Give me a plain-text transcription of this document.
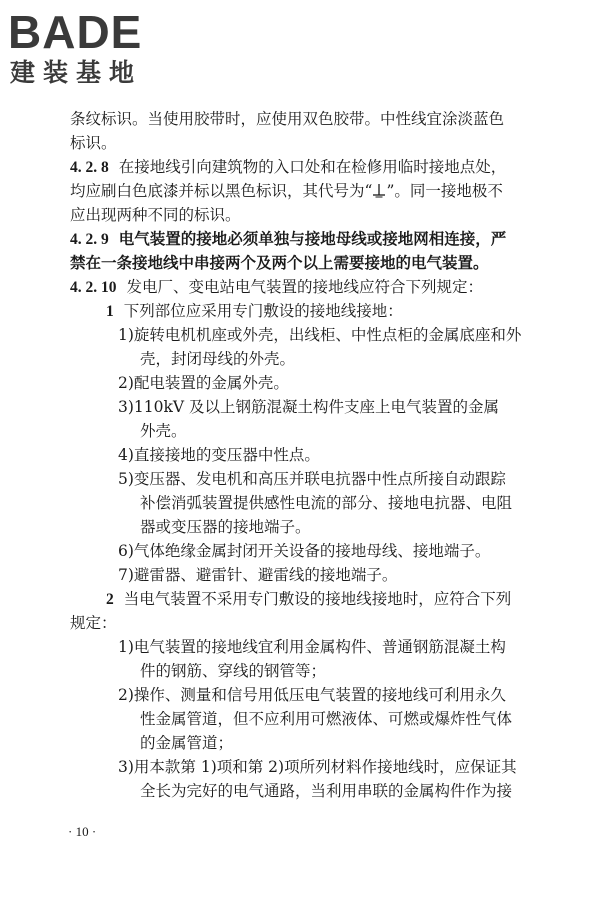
BADE
建装基地
条纹标识。当使用胶带时，应使用双色胶带。中性线宜涂淡蓝色
标识。
4. 2. 8 在接地线引向建筑物的入口处和在检修用临时接地点处，
均应刷白色底漆并标以黑色标识，其代号为“ ”。同一接地极不
应出现两种不同的标识。
4. 2. 9 电气装置的接地必须单独与接地母线或接地网相连接，严
禁在一条接地线中串接两个及两个以上需要接地的电气装置。
4. 2. 10 发电厂、变电站电气装置的接地线应符合下列规定：
1 下列部位应采用专门敷设的接地线接地：
1)旋转电机机座或外壳，出线柜、中性点柜的金属底座和外
壳，封闭母线的外壳。
2)配电装置的金属外壳。
3)110kV 及以上钢筋混凝土构件支座上电气装置的金属
外壳。
4)直接接地的变压器中性点。
5)变压器、发电机和高压并联电抗器中性点所接自动跟踪
补偿消弧装置提供感性电流的部分、接地电抗器、电阻
器或变压器的接地端子。
6)气体绝缘金属封闭开关设备的接地母线、接地端子。
7)避雷器、避雷针、避雷线的接地端子。
2 当电气装置不采用专门敷设的接地线接地时，应符合下列
规定：
1)电气装置的接地线宜利用金属构件、普通钢筋混凝土构
件的钢筋、穿线的钢管等；
2)操作、测量和信号用低压电气装置的接地线可利用永久
性金属管道，但不应利用可燃液体、可燃或爆炸性气体
的金属管道；
3)用本款第 1)项和第 2)项所列材料作接地线时，应保证其
全长为完好的电气通路，当利用串联的金属构件作为接
· 10 ·
